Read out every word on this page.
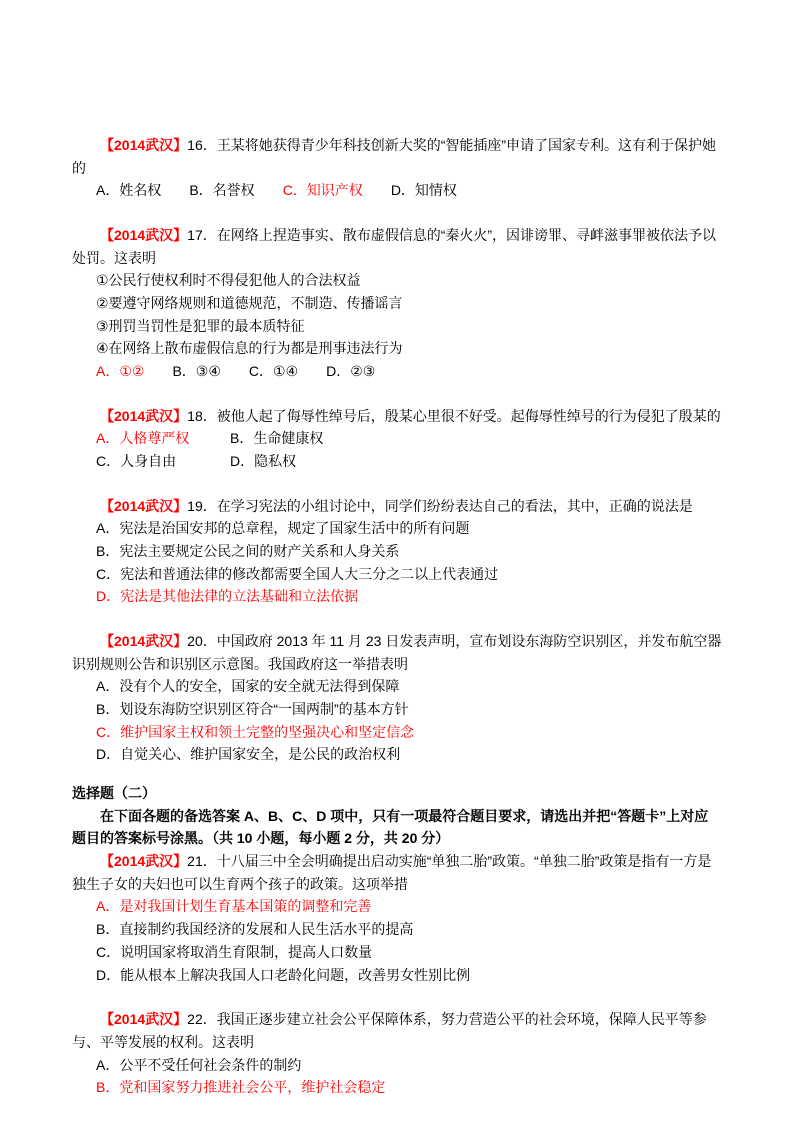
【2014武汉】16．王某将她获得青少年科技创新大奖的“智能插座”申请了国家专利。这有利于保护她的

A．姓名权 B．名誉权 C．知识产权 D．知情权

【2014武汉】17．在网络上捏造事实、散布虚假信息的“秦火火”，因诽谤罪、寻衅滋事罪被依法予以处罚。这表明

①公民行使权利时不得侵犯他人的合法权益

②要遵守网络规则和道德规范，不制造、传播谣言

③刑罚当罚性是犯罪的最本质特征

④在网络上散布虚假信息的行为都是刑事违法行为

A．①② B．③④ C．①④ D．②③

【2014武汉】18．被他人起了侮辱性绰号后，殷某心里很不好受。起侮辱性绰号的行为侵犯了殷某的

A．人格尊严权	B．生命健康权

C．人身自由	D．隐私权

【2014武汉】19．在学习宪法的小组讨论中，同学们纷纷表达自己的看法，其中，正确的说法是

A．宪法是治国安邦的总章程，规定了国家生活中的所有问题

B．宪法主要规定公民之间的财产关系和人身关系

C．宪法和普通法律的修改都需要全国人大三分之二以上代表通过

D．宪法是其他法律的立法基础和立法依据

【2014武汉】20．中国政府 2013 年 11 月 23 日发表声明，宣布划设东海防空识别区，并发布航空器识别规则公告和识别区示意图。我国政府这一举措表明

A．没有个人的安全，国家的安全就无法得到保障

B．划设东海防空识别区符合“一国两制”的基本方针

C．维护国家主权和领土完整的坚强决心和坚定信念

D．自觉关心、维护国家安全，是公民的政治权利

选择题（二）

在下面各题的备选答案 A、B、C、D 项中，只有一项最符合题目要求，请选出并把“答题卡”上对应题目的答案标号涂黑。（共 10 小题，每小题 2 分，共 20 分）

【2014武汉】21．十八届三中全会明确提出启动实施“单独二胎”政策。“单独二胎”政策是指有一方是独生子女的夫妇也可以生育两个孩子的政策。这项举措

A．是对我国计划生育基本国策的调整和完善

B．直接制约我国经济的发展和人民生活水平的提高

C．说明国家将取消生育限制，提高人口数量

D．能从根本上解决我国人口老龄化问题，改善男女性别比例

【2014武汉】22．我国正逐步建立社会公平保障体系，努力营造公平的社会环境，保障人民平等参与、平等发展的权利。这表明

A．公平不受任何社会条件的制约

B．党和国家努力推进社会公平，维护社会稳定
